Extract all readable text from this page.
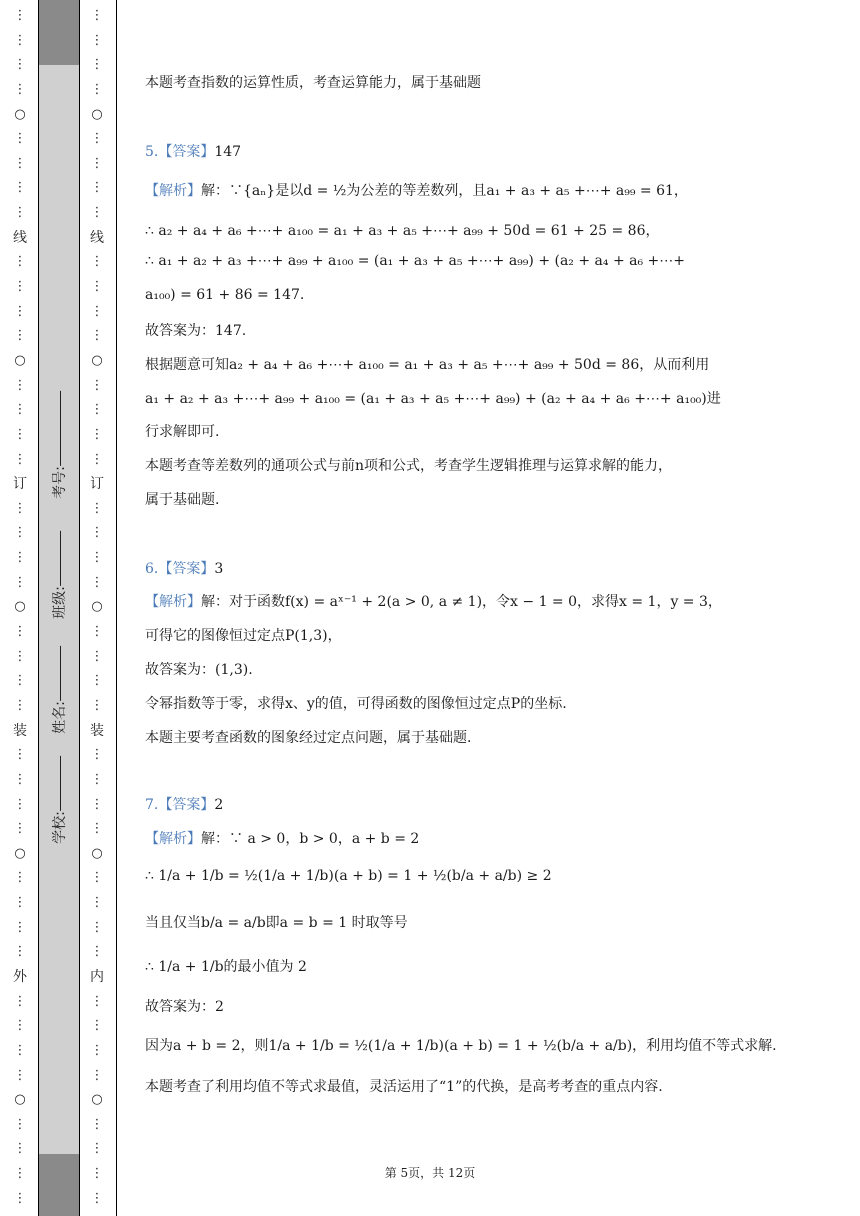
⋮
⋮
⋮
⋮
○
⋮
⋮
⋮
⋮
线
⋮
⋮
⋮
⋮
○
⋮
⋮
⋮
⋮
订
⋮
⋮
⋮
⋮
○
⋮
⋮
⋮
⋮
装
⋮
⋮
⋮
⋮
○
⋮
⋮
⋮
⋮
外
⋮
⋮
⋮
⋮
○
⋮
⋮
⋮
⋮
学校:
姓名:
班级:
考号:
⋮
⋮
⋮
⋮
○
⋮
⋮
⋮
⋮
线
⋮
⋮
⋮
⋮
○
⋮
⋮
⋮
⋮
订
⋮
⋮
⋮
⋮
○
⋮
⋮
⋮
⋮
装
⋮
⋮
⋮
⋮
○
⋮
⋮
⋮
⋮
内
⋮
⋮
⋮
⋮
○
⋮
⋮
⋮
⋮
本题考查指数的运算性质，考查运算能力，属于基础题
5.【答案】147
【解析】解：∵{aₙ}是以d = ½为公差的等差数列，且a₁ + a₃ + a₅ +⋯+ a₉₉ = 61，
∴ a₂ + a₄ + a₆ +⋯+ a₁₀₀ = a₁ + a₃ + a₅ +⋯+ a₉₉ + 50d = 61 + 25 = 86，
∴ a₁ + a₂ + a₃ +⋯+ a₉₉ + a₁₀₀ = (a₁ + a₃ + a₅ +⋯+ a₉₉) + (a₂ + a₄ + a₆ +⋯+
a₁₀₀) = 61 + 86 = 147.
故答案为：147.
根据题意可知a₂ + a₄ + a₆ +⋯+ a₁₀₀ = a₁ + a₃ + a₅ +⋯+ a₉₉ + 50d = 86，从而利用
a₁ + a₂ + a₃ +⋯+ a₉₉ + a₁₀₀ = (a₁ + a₃ + a₅ +⋯+ a₉₉) + (a₂ + a₄ + a₆ +⋯+ a₁₀₀)进
行求解即可.
本题考查等差数列的通项公式与前n项和公式，考查学生逻辑推理与运算求解的能力，
属于基础题.
6.【答案】3
【解析】解：对于函数f(x) = aˣ⁻¹ + 2(a > 0, a ≠ 1)，令x − 1 = 0，求得x = 1，y = 3，
可得它的图像恒过定点P(1,3)，
故答案为：(1,3).
令幂指数等于零，求得x、y的值，可得函数的图像恒过定点P的坐标.
本题主要考查函数的图象经过定点问题，属于基础题.
7.【答案】2
【解析】解：∵ a > 0，b > 0，a + b = 2
∴ 1/a + 1/b = ½(1/a + 1/b)(a + b) = 1 + ½(b/a + a/b) ≥ 2
当且仅当b/a = a/b即a = b = 1 时取等号
∴ 1/a + 1/b的最小值为 2
故答案为：2
因为a + b = 2，则1/a + 1/b = ½(1/a + 1/b)(a + b) = 1 + ½(b/a + a/b)，利用均值不等式求解.
本题考查了利用均值不等式求最值，灵活运用了“1”的代换，是高考考查的重点内容.
第 5页，共 12页
